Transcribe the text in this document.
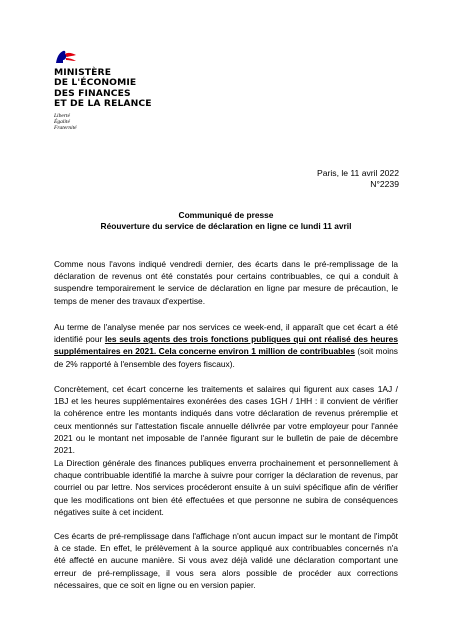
MINISTÈRE
DE L'ÉCONOMIE
DES FINANCES
ET DE LA RELANCE
Liberté
Égalité
Fraternité
Paris, le 11 avril 2022
N°2239
Communiqué de presse
Réouverture du service de déclaration en ligne ce lundi 11 avril
Comme nous l'avons indiqué vendredi dernier, des écarts dans le pré-remplissage de la déclaration de revenus ont été constatés pour certains contribuables, ce qui a conduit à suspendre temporairement le service de déclaration en ligne par mesure de précaution, le temps de mener des travaux d'expertise.
Au terme de l'analyse menée par nos services ce week-end, il apparaît que cet écart a été identifié pour les seuls agents des trois fonctions publiques qui ont réalisé des heures supplémentaires en 2021. Cela concerne environ 1 million de contribuables (soit moins de 2% rapporté à l'ensemble des foyers fiscaux).
Concrètement, cet écart concerne les traitements et salaires qui figurent aux cases 1AJ / 1BJ et les heures supplémentaires exonérées des cases 1GH / 1HH : il convient de vérifier la cohérence entre les montants indiqués dans votre déclaration de revenus préremplie et ceux mentionnés sur l'attestation fiscale annuelle délivrée par votre employeur pour l'année 2021 ou le montant net imposable de l'année figurant sur le bulletin de paie de décembre 2021.
La Direction générale des finances publiques enverra prochainement et personnellement à chaque contribuable identifié la marche à suivre pour corriger la déclaration de revenus, par courriel ou par lettre. Nos services procéderont ensuite à un suivi spécifique afin de vérifier que les modifications ont bien été effectuées et que personne ne subira de conséquences négatives suite à cet incident.
Ces écarts de pré-remplissage dans l'affichage n'ont aucun impact sur le montant de l'impôt à ce stade. En effet, le prélèvement à la source appliqué aux contribuables concernés n'a été affecté en aucune manière. Si vous avez déjà validé une déclaration comportant une erreur de pré-remplissage, il vous sera alors possible de procéder aux corrections nécessaires, que ce soit en ligne ou en version papier.
